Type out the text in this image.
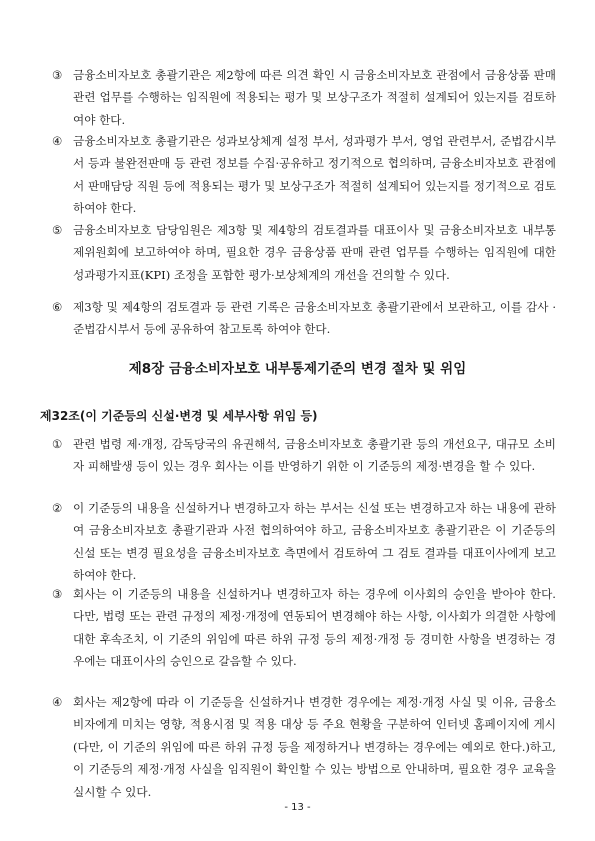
③ 금융소비자보호 총괄기관은 제2항에 따른 의견 확인 시 금융소비자보호 관점에서 금융상품 판매 관련 업무를 수행하는 임직원에 적용되는 평가 및 보상구조가 적절히 설계되어 있는지를 검토하여야 한다.
④ 금융소비자보호 총괄기관은 성과보상체계 설정 부서, 성과평가 부서, 영업 관련부서, 준법감시부서 등과 불완전판매 등 관련 정보를 수집·공유하고 정기적으로 협의하며, 금융소비자보호 관점에서 판매담당 직원 등에 적용되는 평가 및 보상구조가 적절히 설계되어 있는지를 정기적으로 검토하여야 한다.
⑤ 금융소비자보호 담당임원은 제3항 및 제4항의 검토결과를 대표이사 및 금융소비자보호 내부통제위원회에 보고하여야 하며, 필요한 경우 금융상품 판매 관련 업무를 수행하는 임직원에 대한 성과평가지표(KPI) 조정을 포함한 평가·보상체계의 개선을 건의할 수 있다.
⑥ 제3항 및 제4항의 검토결과 등 관련 기록은 금융소비자보호 총괄기관에서 보관하고, 이를 감사 · 준법감시부서 등에 공유하여 참고토록 하여야 한다.
제8장 금융소비자보호 내부통제기준의 변경 절차 및 위임
제32조(이 기준등의 신설·변경 및 세부사항 위임 등)
① 관련 법령 제·개정, 감독당국의 유권해석, 금융소비자보호 총괄기관 등의 개선요구, 대규모 소비자 피해발생 등이 있는 경우 회사는 이를 반영하기 위한 이 기준등의 제정·변경을 할 수 있다.
② 이 기준등의 내용을 신설하거나 변경하고자 하는 부서는 신설 또는 변경하고자 하는 내용에 관하여 금융소비자보호 총괄기관과 사전 협의하여야 하고, 금융소비자보호 총괄기관은 이 기준등의 신설 또는 변경 필요성을 금융소비자보호 측면에서 검토하여 그 검토 결과를 대표이사에게 보고하여야 한다.
③ 회사는 이 기준등의 내용을 신설하거나 변경하고자 하는 경우에 이사회의 승인을 받아야 한다. 다만, 법령 또는 관련 규정의 제정·개정에 연동되어 변경해야 하는 사항, 이사회가 의결한 사항에 대한 후속조치, 이 기준의 위임에 따른 하위 규정 등의 제정·개정 등 경미한 사항을 변경하는 경우에는 대표이사의 승인으로 갈음할 수 있다.
④ 회사는 제2항에 따라 이 기준등을 신설하거나 변경한 경우에는 제정·개정 사실 및 이유, 금융소비자에게 미치는 영향, 적용시점 및 적용 대상 등 주요 현황을 구분하여 인터넷 홈페이지에 게시(다만, 이 기준의 위임에 따른 하위 규정 등을 제정하거나 변경하는 경우에는 예외로 한다.)하고, 이 기준등의 제정·개정 사실을 임직원이 확인할 수 있는 방법으로 안내하며, 필요한 경우 교육을 실시할 수 있다.
- 13 -
